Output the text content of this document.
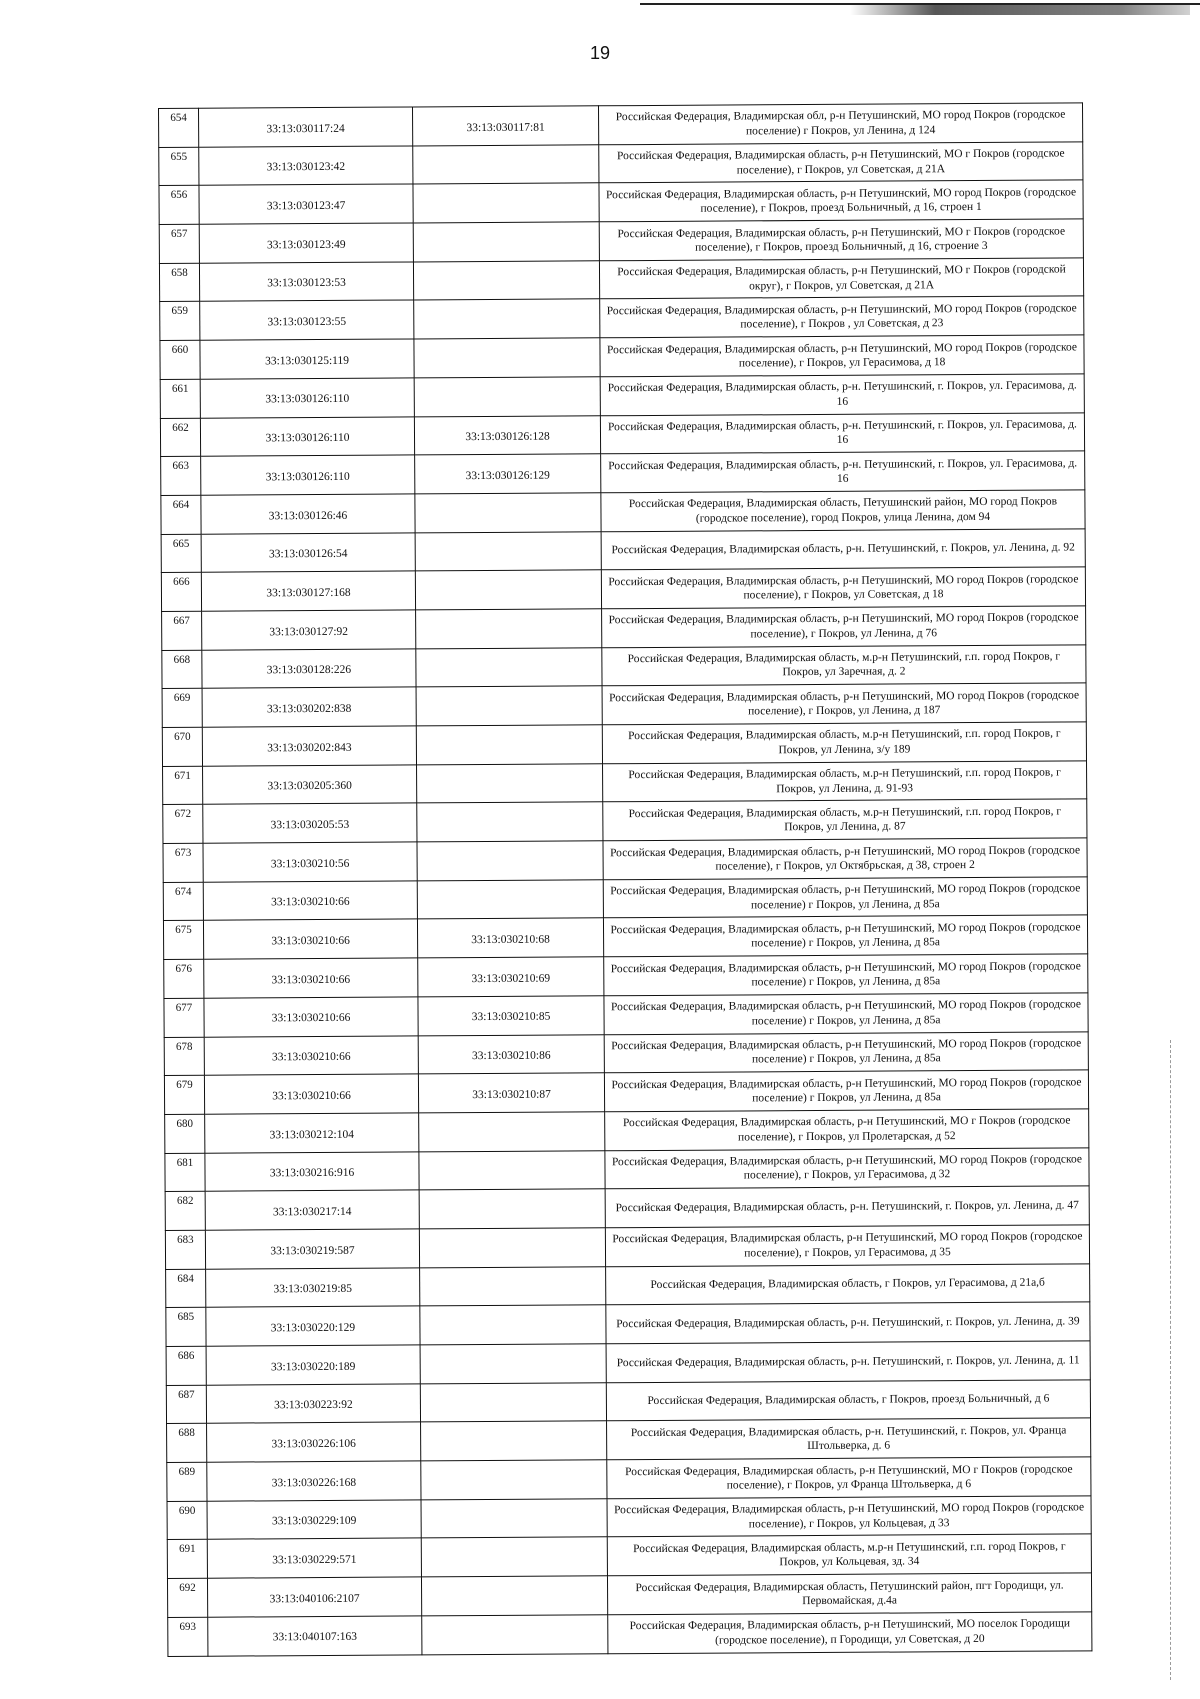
19
654	33:13:030117:24	33:13:030117:81	Российская Федерация, Владимирская обл, р-н Петушинский, МО город Покров (городское поселение) г Покров, ул Ленина, д 124
655	33:13:030123:42		Российская Федерация, Владимирская область, р-н Петушинский, МО г Покров (городское поселение), г Покров, ул Советская, д 21А
656	33:13:030123:47		Российская Федерация, Владимирская область, р-н Петушинский, МО город Покров (городское поселение), г Покров, проезд Больничный, д 16, строен 1
657	33:13:030123:49		Российская Федерация, Владимирская область, р-н Петушинский, МО г Покров (городское поселение), г Покров, проезд Больничный, д 16, строение 3
658	33:13:030123:53		Российская Федерация, Владимирская область, р-н Петушинский, МО г Покров (городской округ), г Покров, ул Советская, д 21А
659	33:13:030123:55		Российская Федерация, Владимирская область, р-н Петушинский, МО город Покров (городское поселение), г Покров , ул Советская, д 23
660	33:13:030125:119		Российская Федерация, Владимирская область, р-н Петушинский, МО город Покров (городское поселение), г Покров, ул Герасимова, д 18
661	33:13:030126:110		Российская Федерация, Владимирская область, р-н. Петушинский, г. Покров, ул. Герасимова, д. 16
662	33:13:030126:110	33:13:030126:128	Российская Федерация, Владимирская область, р-н. Петушинский, г. Покров, ул. Герасимова, д. 16
663	33:13:030126:110	33:13:030126:129	Российская Федерация, Владимирская область, р-н. Петушинский, г. Покров, ул. Герасимова, д. 16
664	33:13:030126:46		Российская Федерация, Владимирская область, Петушинский район, МО город Покров (городское поселение), город Покров, улица Ленина, дом 94
665	33:13:030126:54		Российская Федерация, Владимирская область, р-н. Петушинский, г. Покров, ул. Ленина, д. 92
666	33:13:030127:168		Российская Федерация, Владимирская область, р-н Петушинский, МО город Покров (городское поселение), г Покров, ул Советская, д 18
667	33:13:030127:92		Российская Федерация, Владимирская область, р-н Петушинский, МО город Покров (городское поселение), г Покров, ул Ленина, д 76
668	33:13:030128:226		Российская Федерация, Владимирская область, м.р-н Петушинский, г.п. город Покров, г Покров, ул Заречная, д. 2
669	33:13:030202:838		Российская Федерация, Владимирская область, р-н Петушинский, МО город Покров (городское поселение), г Покров, ул Ленина, д 187
670	33:13:030202:843		Российская Федерация, Владимирская область, м.р-н Петушинский, г.п. город Покров, г Покров, ул Ленина, з/у 189
671	33:13:030205:360		Российская Федерация, Владимирская область, м.р-н Петушинский, г.п. город Покров, г Покров, ул Ленина, д. 91-93
672	33:13:030205:53		Российская Федерация, Владимирская область, м.р-н Петушинский, г.п. город Покров, г Покров, ул Ленина, д. 87
673	33:13:030210:56		Российская Федерация, Владимирская область, р-н Петушинский, МО город Покров (городское поселение), г Покров, ул Октябрьская, д 38, строен 2
674	33:13:030210:66		Российская Федерация, Владимирская область, р-н Петушинский, МО город Покров (городское поселение) г Покров, ул Ленина, д 85а
675	33:13:030210:66	33:13:030210:68	Российская Федерация, Владимирская область, р-н Петушинский, МО город Покров (городское поселение) г Покров, ул Ленина, д 85а
676	33:13:030210:66	33:13:030210:69	Российская Федерация, Владимирская область, р-н Петушинский, МО город Покров (городское поселение) г Покров, ул Ленина, д 85а
677	33:13:030210:66	33:13:030210:85	Российская Федерация, Владимирская область, р-н Петушинский, МО город Покров (городское поселение) г Покров, ул Ленина, д 85а
678	33:13:030210:66	33:13:030210:86	Российская Федерация, Владимирская область, р-н Петушинский, МО город Покров (городское поселение) г Покров, ул Ленина, д 85а
679	33:13:030210:66	33:13:030210:87	Российская Федерация, Владимирская область, р-н Петушинский, МО город Покров (городское поселение) г Покров, ул Ленина, д 85а
680	33:13:030212:104		Российская Федерация, Владимирская область, р-н Петушинский, МО г Покров (городское поселение), г Покров, ул Пролетарская, д 52
681	33:13:030216:916		Российская Федерация, Владимирская область, р-н Петушинский, МО город Покров (городское поселение), г Покров, ул Герасимова, д 32
682	33:13:030217:14		Российская Федерация, Владимирская область, р-н. Петушинский, г. Покров, ул. Ленина, д. 47
683	33:13:030219:587		Российская Федерация, Владимирская область, р-н Петушинский, МО город Покров (городское поселение), г Покров, ул Герасимова, д 35
684	33:13:030219:85		Российская Федерация, Владимирская область, г Покров, ул Герасимова, д 21а,б
685	33:13:030220:129		Российская Федерация, Владимирская область, р-н. Петушинский, г. Покров, ул. Ленина, д. 39
686	33:13:030220:189		Российская Федерация, Владимирская область, р-н. Петушинский, г. Покров, ул. Ленина, д. 11
687	33:13:030223:92		Российская Федерация, Владимирская область, г Покров, проезд Больничный, д 6
688	33:13:030226:106		Российская Федерация, Владимирская область, р-н. Петушинский, г. Покров, ул. Франца Штольверка, д. 6
689	33:13:030226:168		Российская Федерация, Владимирская область, р-н Петушинский, МО г Покров (городское поселение), г Покров, ул Франца Штольверка, д 6
690	33:13:030229:109		Российская Федерация, Владимирская область, р-н Петушинский, МО город Покров (городское поселение), г Покров, ул Кольцевая, д 33
691	33:13:030229:571		Российская Федерация, Владимирская область, м.р-н Петушинский, г.п. город Покров, г Покров, ул Кольцевая, зд. 34
692	33:13:040106:2107		Российская Федерация, Владимирская область, Петушинский район, пгт Городищи, ул. Первомайская, д.4а
693	33:13:040107:163		Российская Федерация, Владимирская область, р-н Петушинский, МО поселок Городищи (городское поселение), п Городищи, ул Советская, д 20
